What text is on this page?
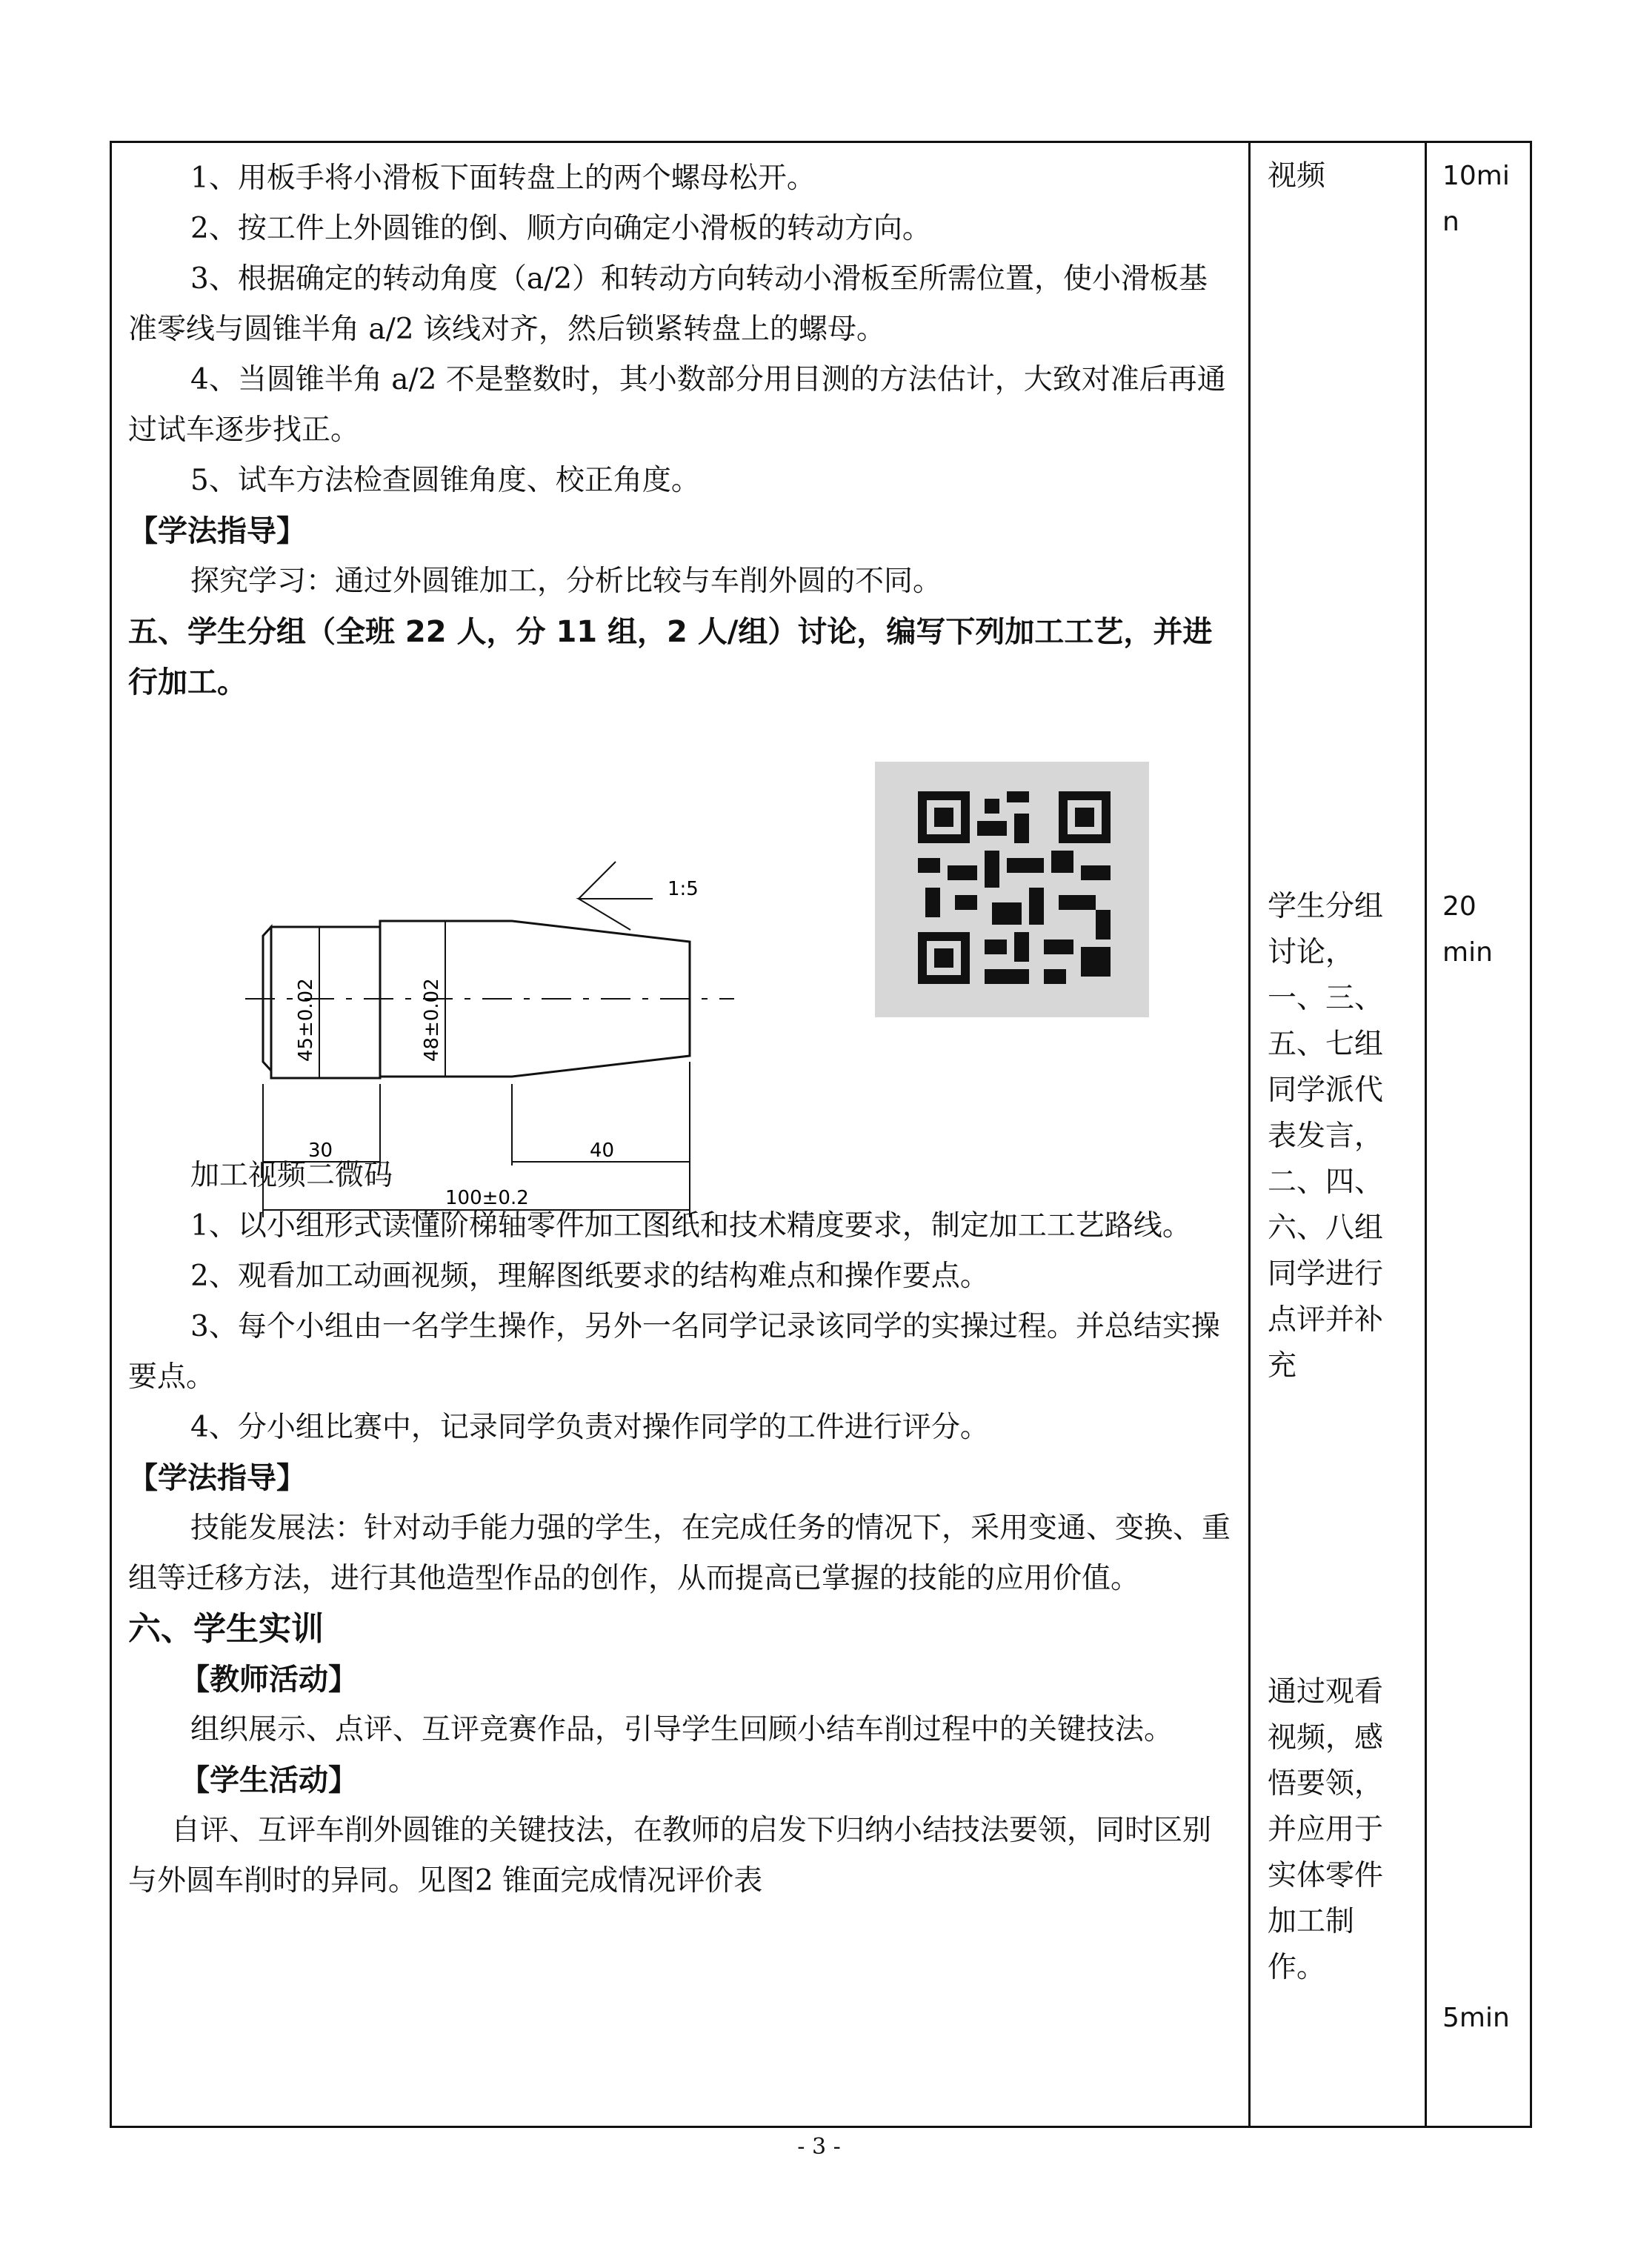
1、用板手将小滑板下面转盘上的两个螺母松开。

2、按工件上外圆锥的倒、顺方向确定小滑板的转动方向。

3、根据确定的转动角度（a/2）和转动方向转动小滑板至所需位置，使小滑板基准零线与圆锥半角 a/2 该线对齐，然后锁紧转盘上的螺母。

4、当圆锥半角 a/2 不是整数时，其小数部分用目测的方法估计，大致对准后再通过试车逐步找正。

5、试车方法检查圆锥角度、校正角度。

【学法指导】

探究学习：通过外圆锥加工，分析比较与车削外圆的不同。

五、学生分组（全班 22 人，分 11 组，2 人/组）讨论，编写下列加工工艺，并进行加工。

1:5
45±0.02	48±0.02
30	40
100±0.2

加工视频二微码

1、以小组形式读懂阶梯轴零件加工图纸和技术精度要求，制定加工工艺路线。

2、观看加工动画视频，理解图纸要求的结构难点和操作要点。

3、每个小组由一名学生操作，另外一名同学记录该同学的实操过程。并总结实操要点。

4、分小组比赛中，记录同学负责对操作同学的工件进行评分。

【学法指导】

技能发展法：针对动手能力强的学生，在完成任务的情况下，采用变通、变换、重组等迁移方法，进行其他造型作品的创作，从而提高已掌握的技能的应用价值。

六、学生实训

【教师活动】

组织展示、点评、互评竞赛作品，引导学生回顾小结车削过程中的关键技法。

【学生活动】

自评、互评车削外圆锥的关键技法，在教师的启发下归纳小结技法要领，同时区别与外圆车削时的异同。见图2 锥面完成情况评价表

视频
学生分组讨论，一、三、五、七组同学派代表发言，二、四、六、八组同学进行点评并补充
通过观看视频，感悟要领，并应用于实体零件加工制作。
10min
20 min
5min
- 3 -
